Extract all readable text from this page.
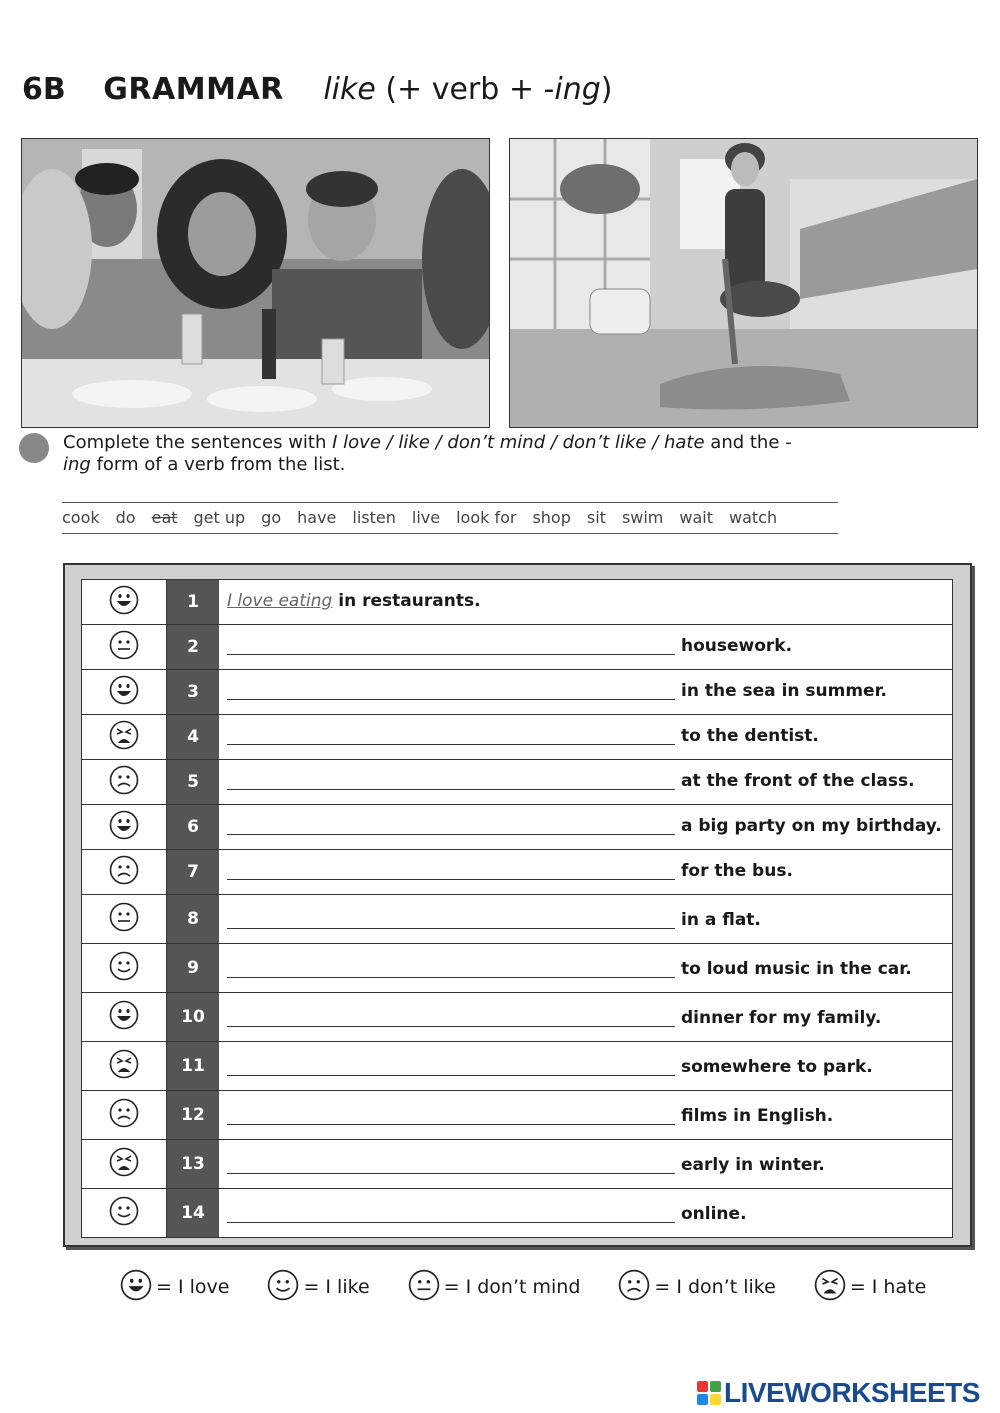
6B GRAMMAR like (+ verb + -ing)
Complete the sentences with I love / like / don’t mind / don’t like / hate and the -ing form of a verb from the list.
cook do eat get up go have listen live look for shop sit swim wait watch
1	I love eating in restaurants.
2	housework.
3	in the sea in summer.
4	to the dentist.
5	at the front of the class.
6	a big party on my birthday.
7	for the bus.
8	in a flat.
9	to loud music in the car.
10	dinner for my family.
11	somewhere to park.
12	films in English.
13	early in winter.
14	online.
= I love	= I like	= I don’t mind	= I don’t like	= I hate
LIVEWORKSHEETS
